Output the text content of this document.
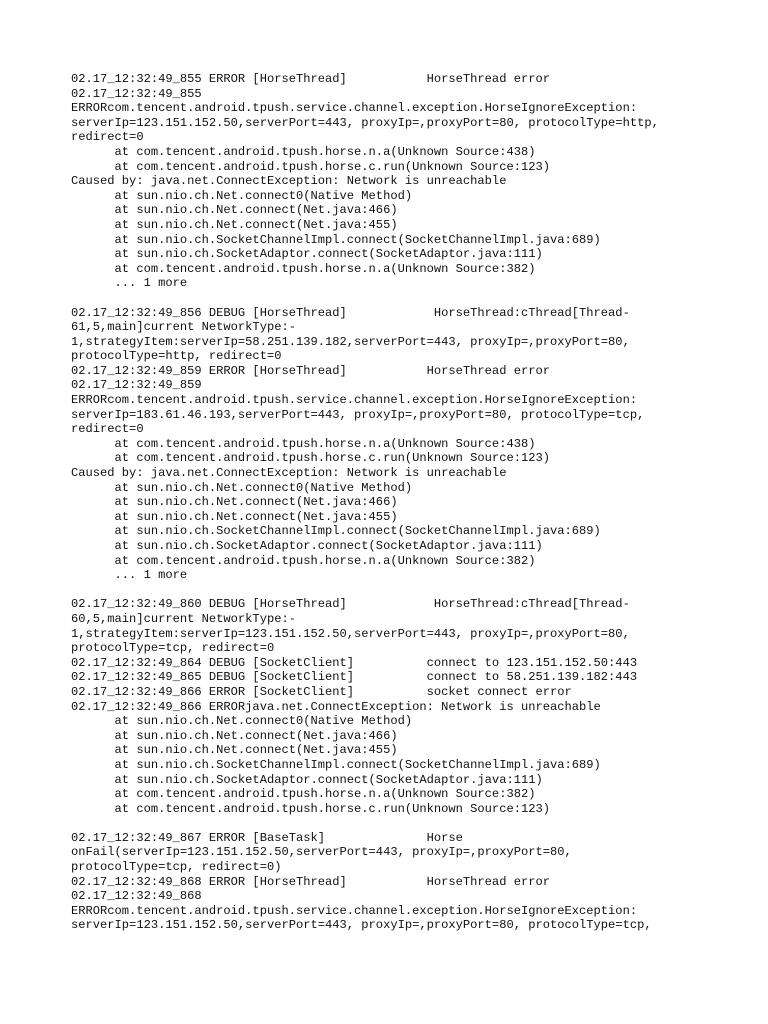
02.17_12:32:49_855 ERROR [HorseThread]           HorseThread error
02.17_12:32:49_855
ERRORcom.tencent.android.tpush.service.channel.exception.HorseIgnoreException:
serverIp=123.151.152.50,serverPort=443, proxyIp=,proxyPort=80, protocolType=http,
redirect=0
at com.tencent.android.tpush.horse.n.a(Unknown Source:438)
at com.tencent.android.tpush.horse.c.run(Unknown Source:123)
Caused by: java.net.ConnectException: Network is unreachable
at sun.nio.ch.Net.connect0(Native Method)
at sun.nio.ch.Net.connect(Net.java:466)
at sun.nio.ch.Net.connect(Net.java:455)
at sun.nio.ch.SocketChannelImpl.connect(SocketChannelImpl.java:689)
at sun.nio.ch.SocketAdaptor.connect(SocketAdaptor.java:111)
at com.tencent.android.tpush.horse.n.a(Unknown Source:382)
... 1 more
02.17_12:32:49_856 DEBUG [HorseThread]            HorseThread:cThread[Thread-
61,5,main]current NetworkType:-
1,strategyItem:serverIp=58.251.139.182,serverPort=443, proxyIp=,proxyPort=80,
protocolType=http, redirect=0
02.17_12:32:49_859 ERROR [HorseThread]           HorseThread error
02.17_12:32:49_859
ERRORcom.tencent.android.tpush.service.channel.exception.HorseIgnoreException:
serverIp=183.61.46.193,serverPort=443, proxyIp=,proxyPort=80, protocolType=tcp,
redirect=0
at com.tencent.android.tpush.horse.n.a(Unknown Source:438)
at com.tencent.android.tpush.horse.c.run(Unknown Source:123)
Caused by: java.net.ConnectException: Network is unreachable
at sun.nio.ch.Net.connect0(Native Method)
at sun.nio.ch.Net.connect(Net.java:466)
at sun.nio.ch.Net.connect(Net.java:455)
at sun.nio.ch.SocketChannelImpl.connect(SocketChannelImpl.java:689)
at sun.nio.ch.SocketAdaptor.connect(SocketAdaptor.java:111)
at com.tencent.android.tpush.horse.n.a(Unknown Source:382)
... 1 more
02.17_12:32:49_860 DEBUG [HorseThread]            HorseThread:cThread[Thread-
60,5,main]current NetworkType:-
1,strategyItem:serverIp=123.151.152.50,serverPort=443, proxyIp=,proxyPort=80,
protocolType=tcp, redirect=0
02.17_12:32:49_864 DEBUG [SocketClient]          connect to 123.151.152.50:443
02.17_12:32:49_865 DEBUG [SocketClient]          connect to 58.251.139.182:443
02.17_12:32:49_866 ERROR [SocketClient]          socket connect error
02.17_12:32:49_866 ERRORjava.net.ConnectException: Network is unreachable
at sun.nio.ch.Net.connect0(Native Method)
at sun.nio.ch.Net.connect(Net.java:466)
at sun.nio.ch.Net.connect(Net.java:455)
at sun.nio.ch.SocketChannelImpl.connect(SocketChannelImpl.java:689)
at sun.nio.ch.SocketAdaptor.connect(SocketAdaptor.java:111)
at com.tencent.android.tpush.horse.n.a(Unknown Source:382)
at com.tencent.android.tpush.horse.c.run(Unknown Source:123)
02.17_12:32:49_867 ERROR [BaseTask]              Horse
onFail(serverIp=123.151.152.50,serverPort=443, proxyIp=,proxyPort=80,
protocolType=tcp, redirect=0)
02.17_12:32:49_868 ERROR [HorseThread]           HorseThread error
02.17_12:32:49_868
ERRORcom.tencent.android.tpush.service.channel.exception.HorseIgnoreException:
serverIp=123.151.152.50,serverPort=443, proxyIp=,proxyPort=80, protocolType=tcp,
